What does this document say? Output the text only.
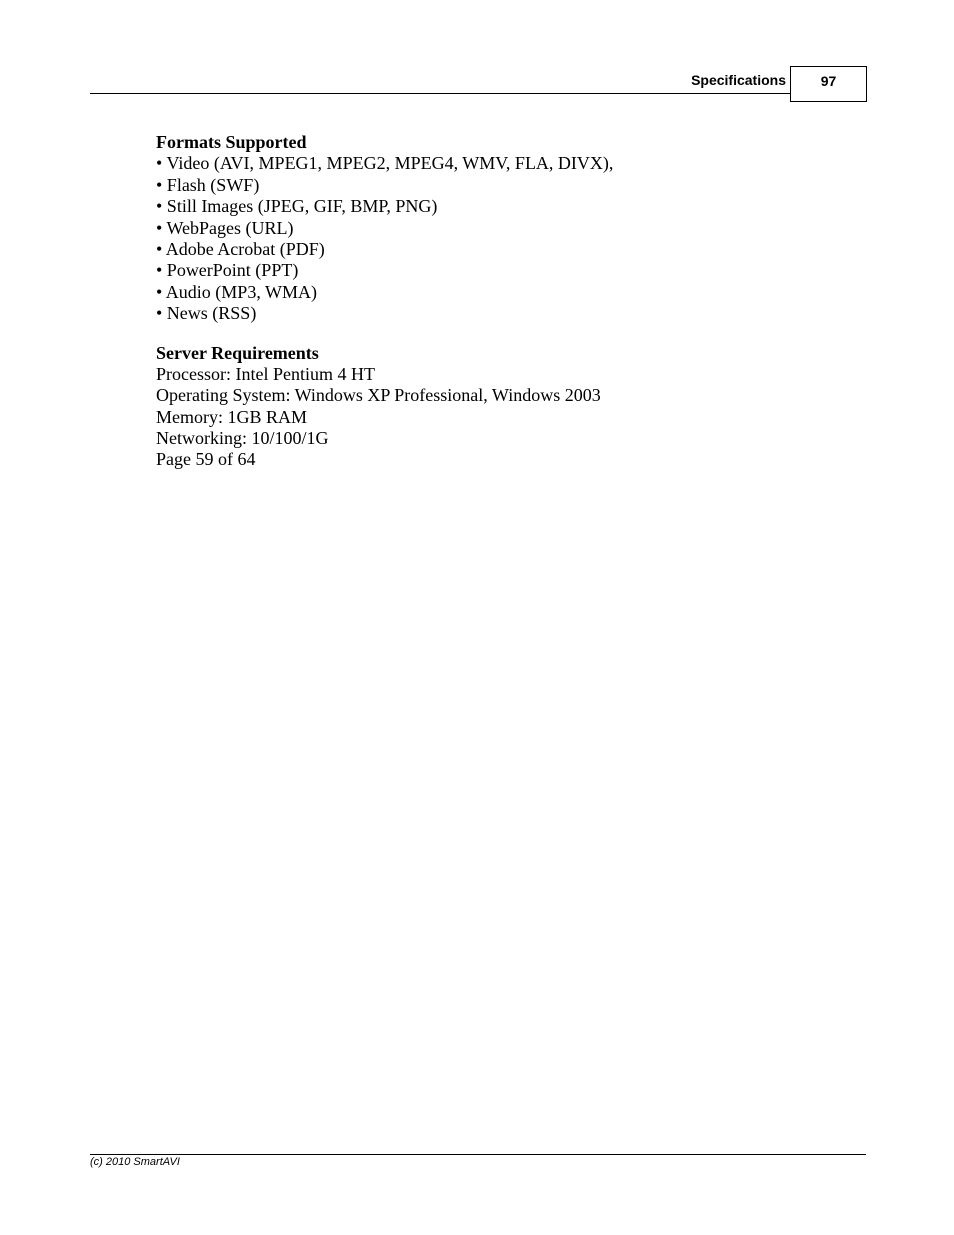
Specifications	97
Formats Supported
• Video (AVI, MPEG1, MPEG2, MPEG4, WMV, FLA, DIVX),
• Flash (SWF)
• Still Images (JPEG, GIF, BMP, PNG)
• WebPages (URL)
• Adobe Acrobat (PDF)
• PowerPoint (PPT)
• Audio (MP3, WMA)
• News (RSS)
Server Requirements
Processor: Intel Pentium 4 HT
Operating System: Windows XP Professional, Windows 2003
Memory: 1GB RAM
Networking: 10/100/1G
Page 59 of 64
(c) 2010 SmartAVI
